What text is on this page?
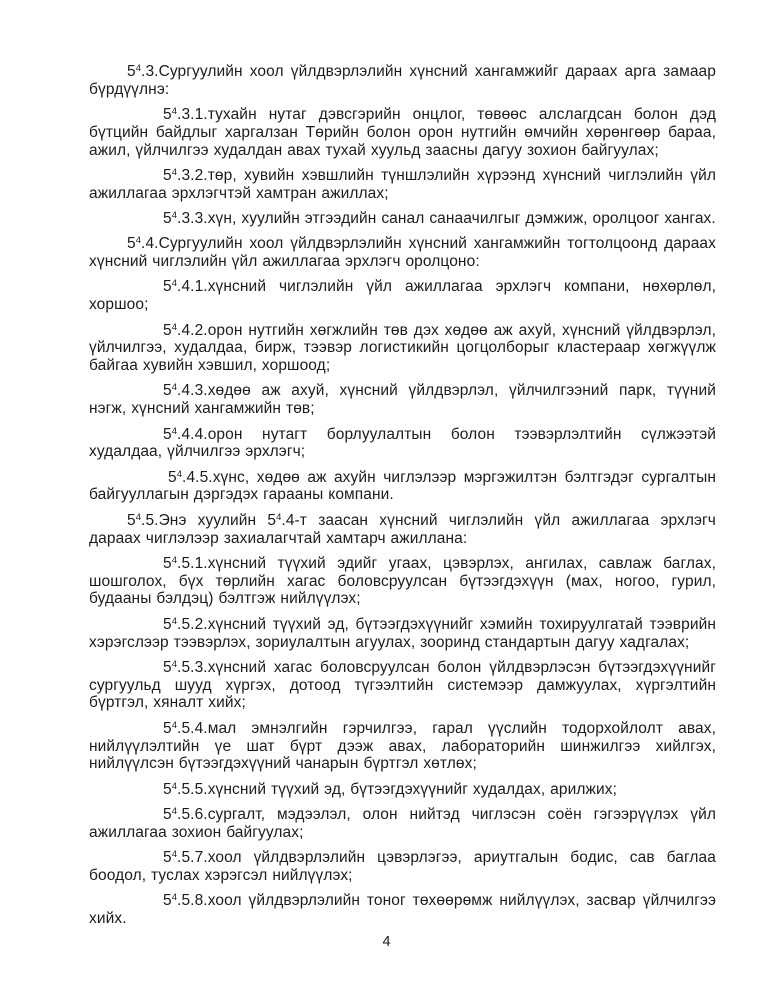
$5^4.3.Сургуулийн$ хоол үйлдвэрлэлийн хүнсний хангамжийг дараах арга замаар бүрдүүлнэ:

$5^4.3.1.тухайн$ нутаг дэвсгэрийн онцлог, төвөөс алслагдсан болон дэд бүтцийн байдлыг харгалзан Төрийн болон орон нутгийн өмчийн хөрөнгөөр бараа, ажил, үйлчилгээ худалдан авах тухай хуульд заасны дагуу зохион байгуулах;

$5^4.3.2.төр$, хувийн хэвшлийн түншлэлийн хүрээнд хүнсний чиглэлийн үйл ажиллагаа эрхлэгчтэй хамтран ажиллах;

$5^4.3.3.хүн$, хуулийн этгээдийн санал санаачилгыг дэмжиж, оролцоог хангах.

$5^4.4.Сургуулийн$ хоол үйлдвэрлэлийн хүнсний хангамжийн тогтолцоонд дараах хүнсний чиглэлийн үйл ажиллагаа эрхлэгч оролцоно:

$5^4.4.1.хүнсний$ чиглэлийн үйл ажиллагаа эрхлэгч компани, нөхөрлөл, хоршоо;

$5^4.4.2.орон$ нутгийн хөгжлийн төв дэх хөдөө аж ахуй, хүнсний үйлдвэрлэл, үйлчилгээ, худалдаа, бирж, тээвэр логистикийн цогцолборыг кластераар хөгжүүлж байгаа хувийн хэвшил, хоршоод;

$5^4.4.3.хөдөө$ аж ахуй, хүнсний үйлдвэрлэл, үйлчилгээний парк, түүний нэгж, хүнсний хангамжийн төв;

$5^4.4.4.орон$ нутагт борлуулалтын болон тээвэрлэлтийн сүлжээтэй худалдаа, үйлчилгээ эрхлэгч;

$5^4.4.5.хүнс$, хөдөө аж ахуйн чиглэлээр мэргэжилтэн бэлтгэдэг сургалтын байгууллагын дэргэдэх гарааны компани.

$5^4.5.Энэ$ хуулийн $5^4.4-т$ заасан хүнсний чиглэлийн үйл ажиллагаа эрхлэгч дараах чиглэлээр захиалагчтай хамтарч ажиллана:

$5^4.5.1.хүнсний$ түүхий эдийг угаах, цэвэрлэх, ангилах, савлаж баглах, шошголох, бүх төрлийн хагас боловсруулсан бүтээгдэхүүн (мах, ногоо, гурил, будааны бэлдэц) бэлтгэж нийлүүлэх;

$5^4.5.2.хүнсний$ түүхий эд, бүтээгдэхүүнийг хэмийн тохируулгатай тээврийн хэрэгслээр тээвэрлэх, зориулалтын агуулах, зооринд стандартын дагуу хадгалах;

$5^4.5.3.хүнсний$ хагас боловсруулсан болон үйлдвэрлэсэн бүтээгдэхүүнийг сургуульд шууд хүргэх, дотоод түгээлтийн системээр дамжуулах, хүргэлтийн бүртгэл, хяналт хийх;

$5^4.5.4.мал$ эмнэлгийн гэрчилгээ, гарал үүслийн тодорхойлолт авах, нийлүүлэлтийн үе шат бүрт дээж авах, лабораторийн шинжилгээ хийлгэх, нийлүүлсэн бүтээгдэхүүний чанарын бүртгэл хөтлөх;

$5^4.5.5.хүнсний$ түүхий эд, бүтээгдэхүүнийг худалдах, арилжих;

$5^4.5.6.сургалт$, мэдээлэл, олон нийтэд чиглэсэн соён гэгээрүүлэх үйл ажиллагаа зохион байгуулах;

$5^4.5.7.хоол$ үйлдвэрлэлийн цэвэрлэгээ, ариутгалын бодис, сав баглаа боодол, туслах хэрэгсэл нийлүүлэх;

$5^4.5.8.хоол$ үйлдвэрлэлийн тоног төхөөрөмж нийлүүлэх, засвар үйлчилгээ хийх.

4
